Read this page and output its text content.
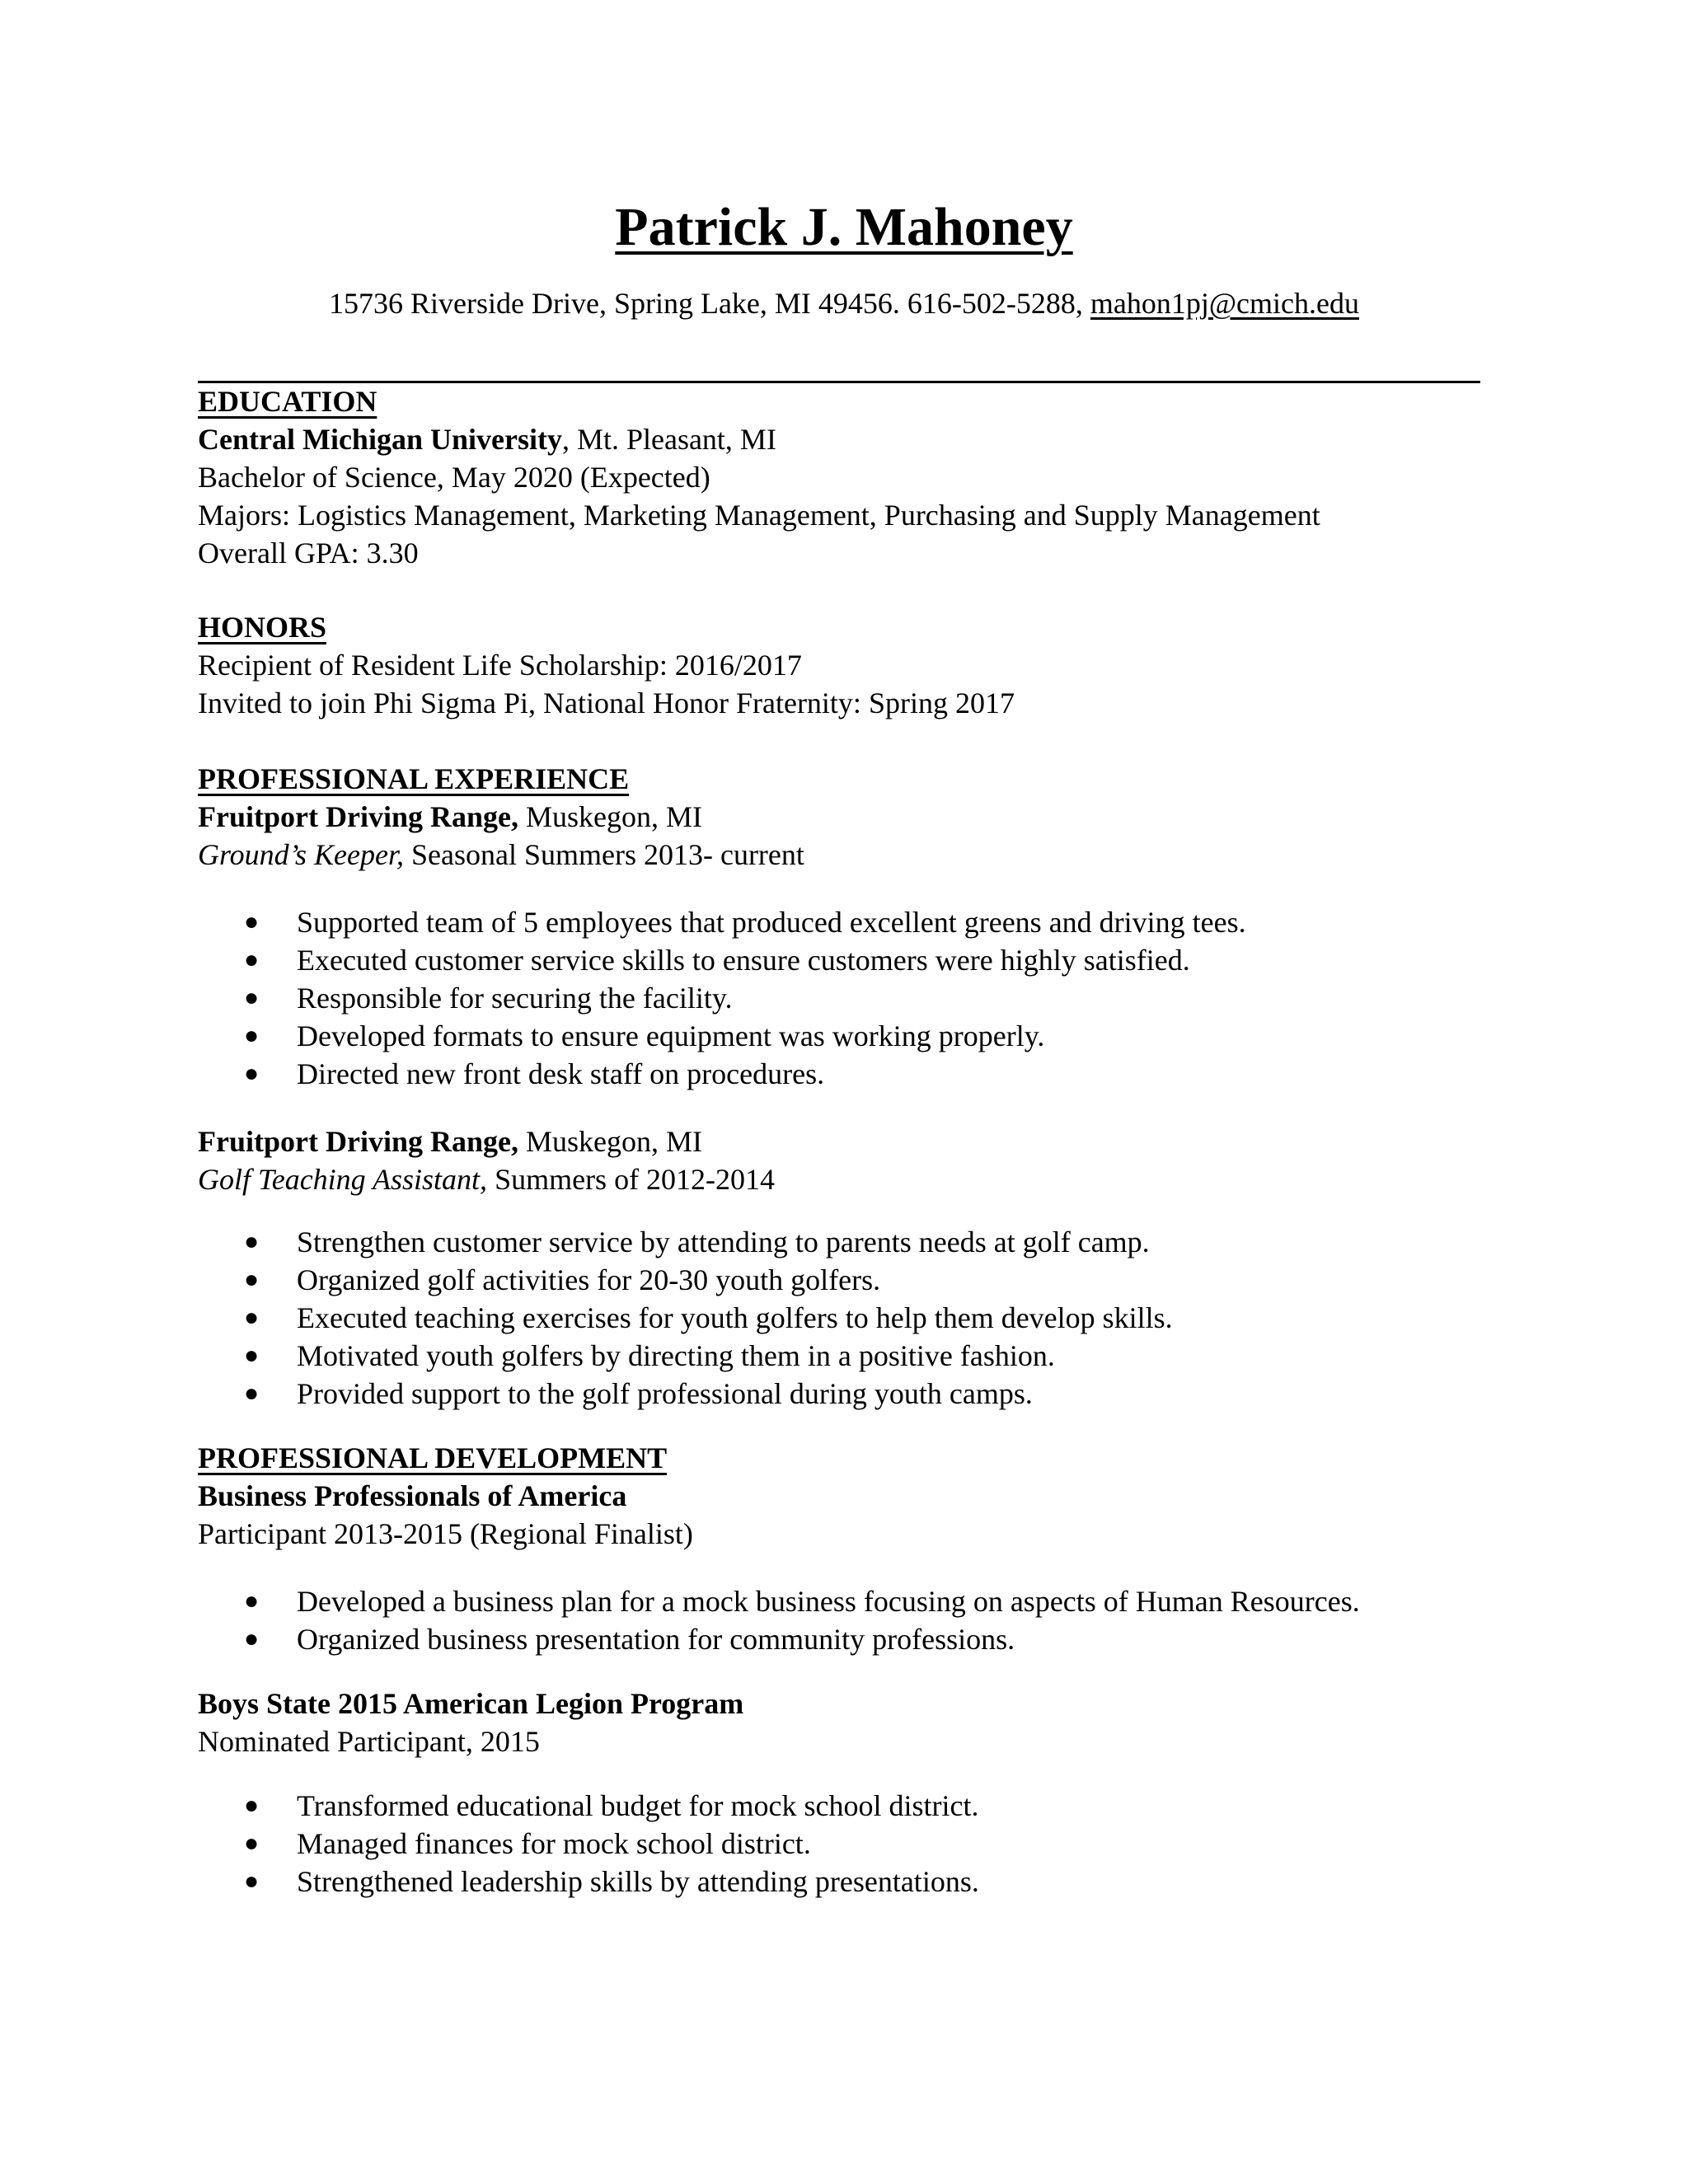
Patrick J. Mahoney
15736 Riverside Drive, Spring Lake, MI 49456. 616-502-5288, mahon1pj@cmich.edu
EDUCATION
Central Michigan University, Mt. Pleasant, MI
Bachelor of Science, May 2020 (Expected)
Majors: Logistics Management, Marketing Management, Purchasing and Supply Management
Overall GPA: 3.30
HONORS
Recipient of Resident Life Scholarship: 2016/2017
Invited to join Phi Sigma Pi, National Honor Fraternity: Spring 2017
PROFESSIONAL EXPERIENCE
Fruitport Driving Range, Muskegon, MI
Ground’s Keeper, Seasonal Summers 2013- current
● Supported team of 5 employees that produced excellent greens and driving tees.
● Executed customer service skills to ensure customers were highly satisfied.
● Responsible for securing the facility.
● Developed formats to ensure equipment was working properly.
● Directed new front desk staff on procedures.
Fruitport Driving Range, Muskegon, MI
Golf Teaching Assistant, Summers of 2012-2014
● Strengthen customer service by attending to parents needs at golf camp.
● Organized golf activities for 20-30 youth golfers.
● Executed teaching exercises for youth golfers to help them develop skills.
● Motivated youth golfers by directing them in a positive fashion.
● Provided support to the golf professional during youth camps.
PROFESSIONAL DEVELOPMENT
Business Professionals of America
Participant 2013-2015 (Regional Finalist)
● Developed a business plan for a mock business focusing on aspects of Human Resources.
● Organized business presentation for community professions.
Boys State 2015 American Legion Program
Nominated Participant, 2015
● Transformed educational budget for mock school district.
● Managed finances for mock school district.
● Strengthened leadership skills by attending presentations.
